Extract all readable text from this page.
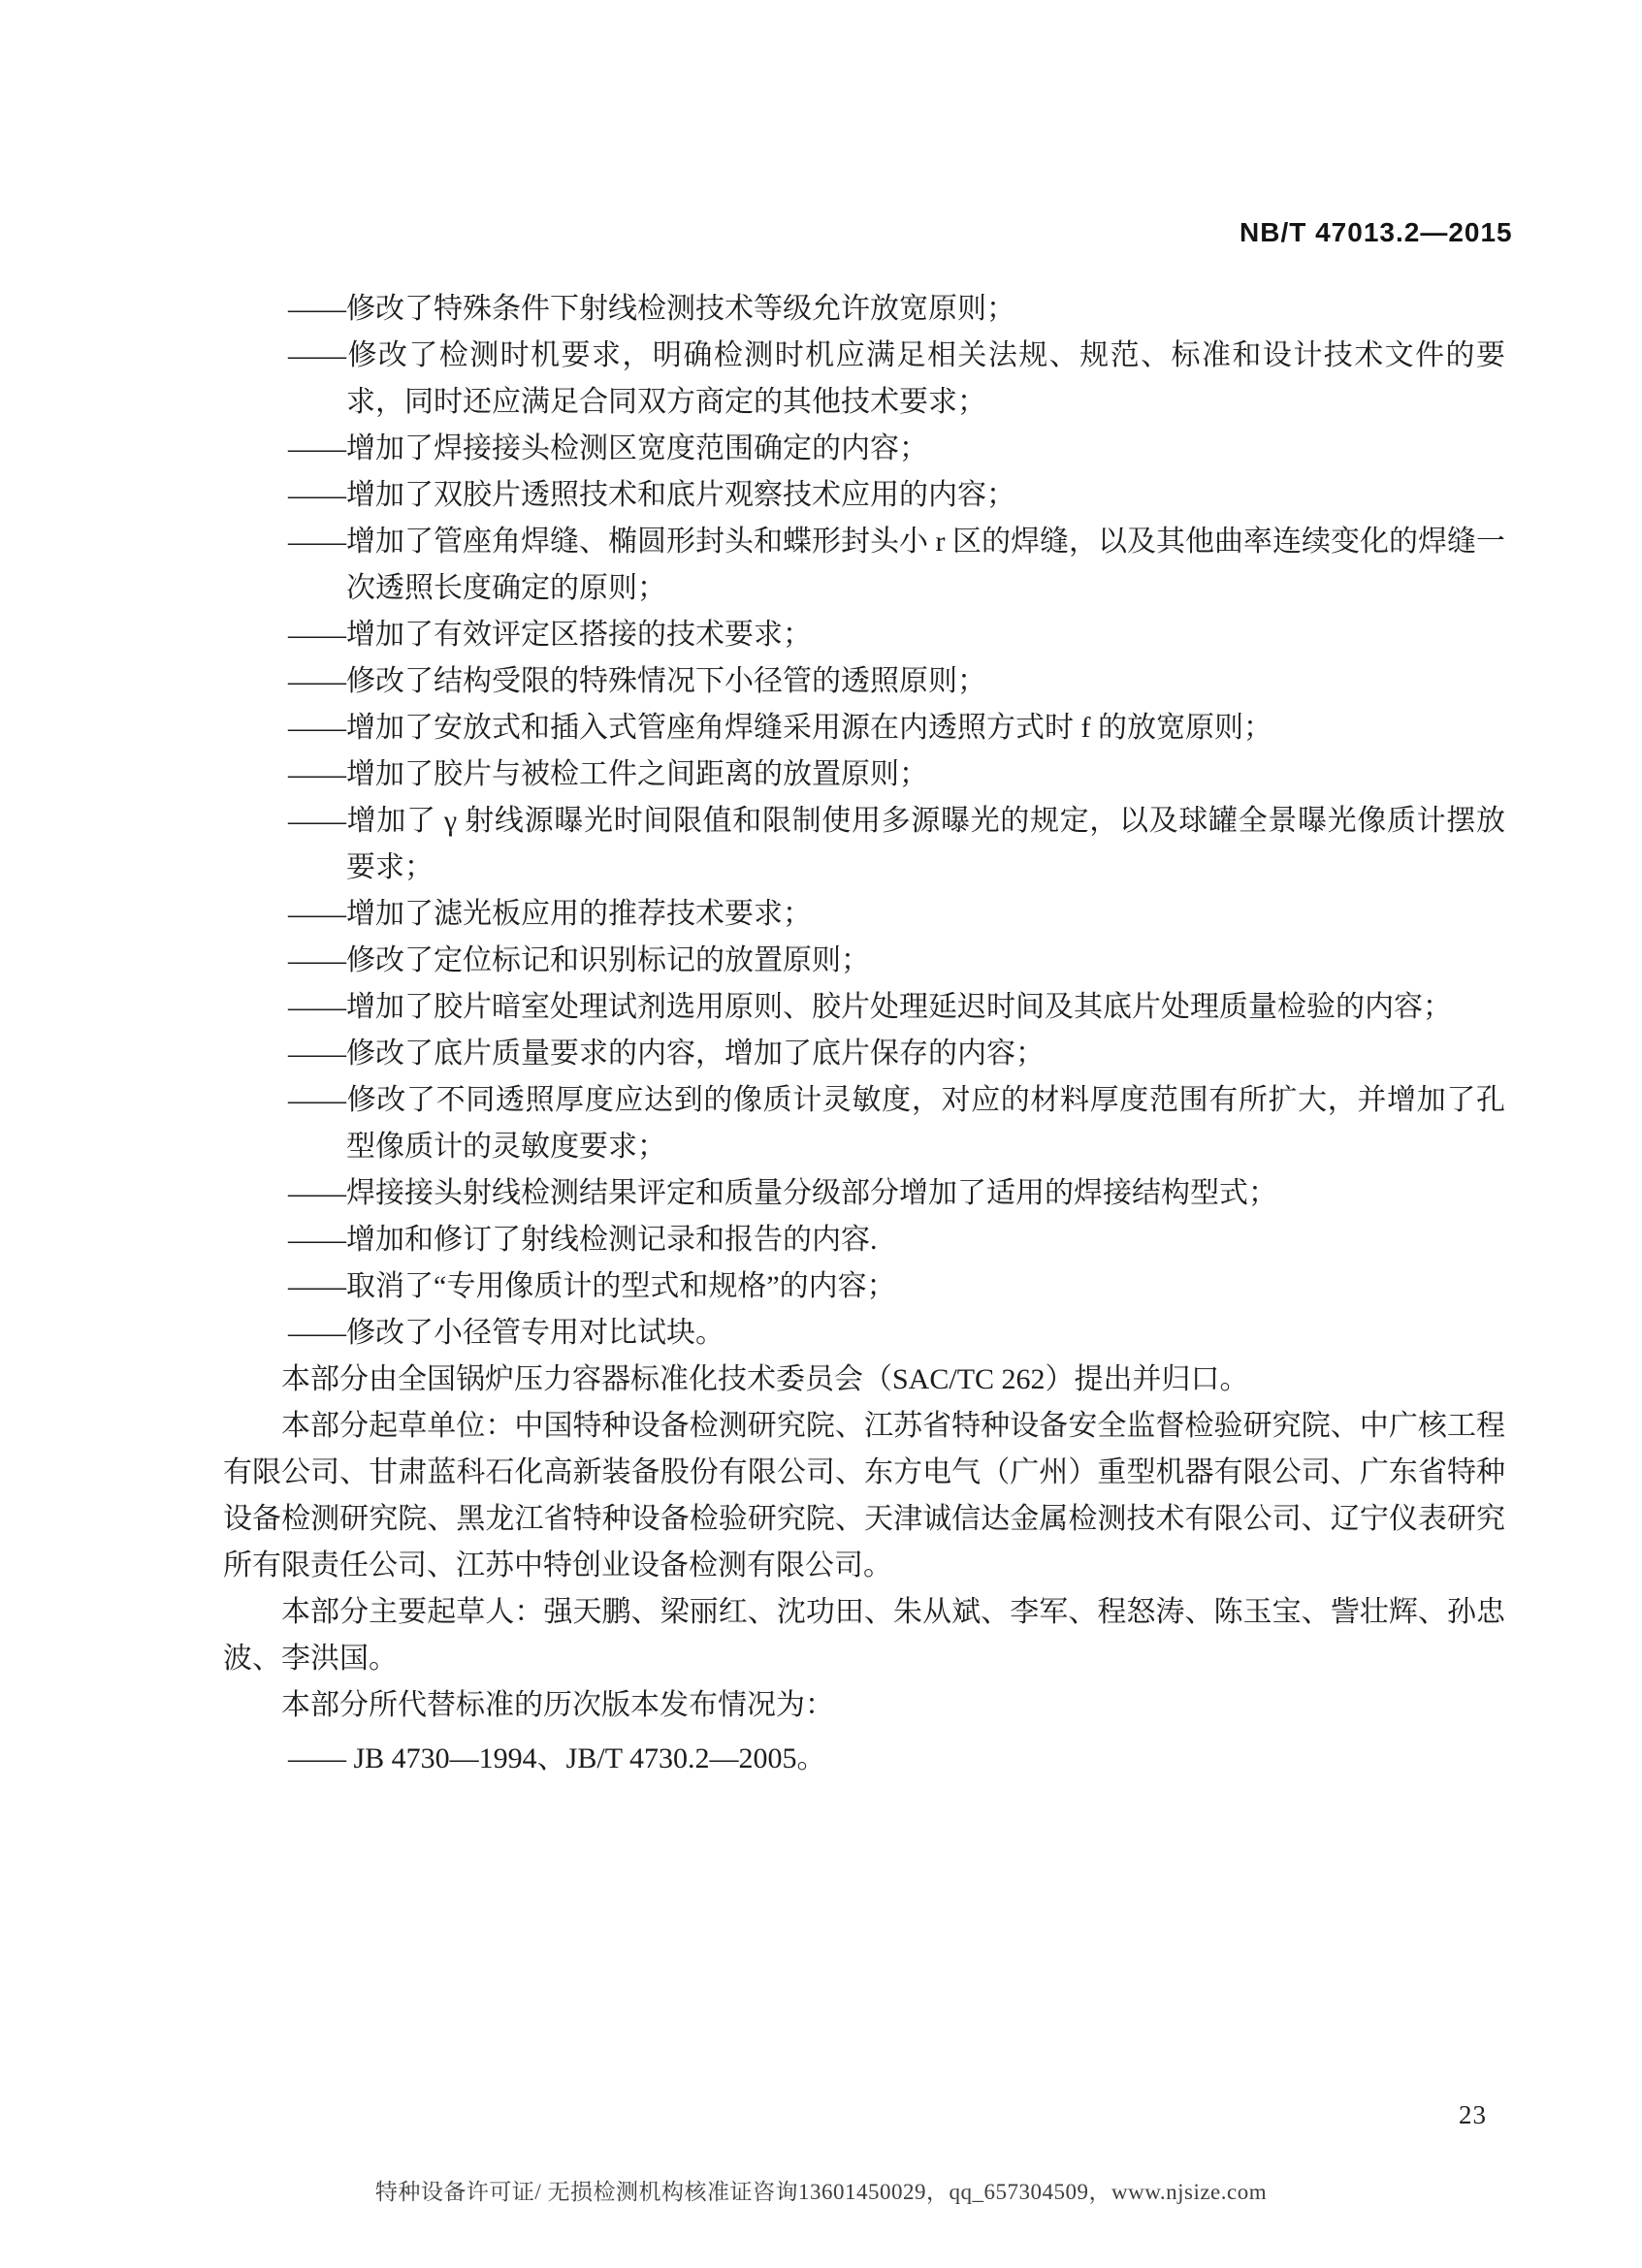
NB/T 47013.2—2015
——修改了特殊条件下射线检测技术等级允许放宽原则；
——修改了检测时机要求，明确检测时机应满足相关法规、规范、标准和设计技术文件的要求，同时还应满足合同双方商定的其他技术要求；
——增加了焊接接头检测区宽度范围确定的内容；
——增加了双胶片透照技术和底片观察技术应用的内容；
——增加了管座角焊缝、椭圆形封头和蝶形封头小 r 区的焊缝，以及其他曲率连续变化的焊缝一次透照长度确定的原则；
——增加了有效评定区搭接的技术要求；
——修改了结构受限的特殊情况下小径管的透照原则；
——增加了安放式和插入式管座角焊缝采用源在内透照方式时 f 的放宽原则；
——增加了胶片与被检工件之间距离的放置原则；
——增加了 γ 射线源曝光时间限值和限制使用多源曝光的规定，以及球罐全景曝光像质计摆放要求；
——增加了滤光板应用的推荐技术要求；
——修改了定位标记和识别标记的放置原则；
——增加了胶片暗室处理试剂选用原则、胶片处理延迟时间及其底片处理质量检验的内容；
——修改了底片质量要求的内容，增加了底片保存的内容；
——修改了不同透照厚度应达到的像质计灵敏度，对应的材料厚度范围有所扩大，并增加了孔型像质计的灵敏度要求；
——焊接接头射线检测结果评定和质量分级部分增加了适用的焊接结构型式；
——增加和修订了射线检测记录和报告的内容.
——取消了“专用像质计的型式和规格”的内容；
——修改了小径管专用对比试块。
本部分由全国锅炉压力容器标准化技术委员会（SAC/TC 262）提出并归口。
本部分起草单位：中国特种设备检测研究院、江苏省特种设备安全监督检验研究院、中广核工程有限公司、甘肃蓝科石化高新装备股份有限公司、东方电气（广州）重型机器有限公司、广东省特种设备检测研究院、黑龙江省特种设备检验研究院、天津诚信达金属检测技术有限公司、辽宁仪表研究所有限责任公司、江苏中特创业设备检测有限公司。
本部分主要起草人：强天鹏、梁丽红、沈功田、朱从斌、李军、程怒涛、陈玉宝、訾壮辉、孙忠波、李洪国。
本部分所代替标准的历次版本发布情况为：
—— JB 4730—1994、JB/T 4730.2—2005。
23
特种设备许可证/ 无损检测机构核准证咨询13601450029，qq_657304509，www.njsize.com
